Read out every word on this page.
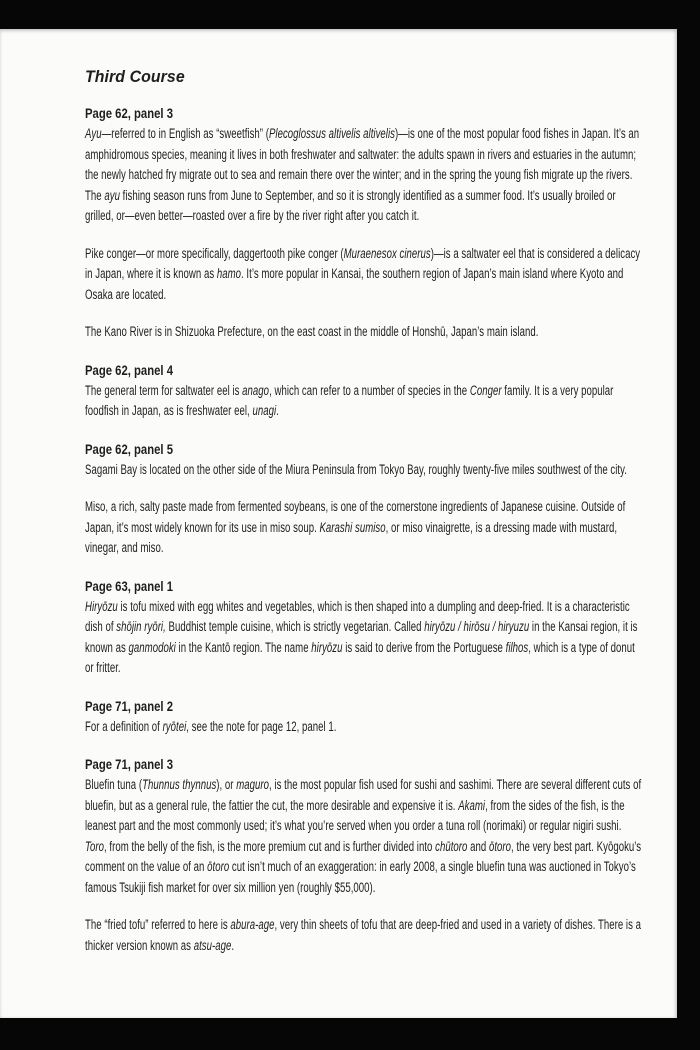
Third Course
Page 62, panel 3

Ayu—referred to in English as “sweetfish” (Plecoglossus altivelis altivelis)—is one of the most popular food fishes in Japan. It’s an amphidromous species, meaning it lives in both freshwater and saltwater: the adults spawn in rivers and estuaries in the autumn; the newly hatched fry migrate out to sea and remain there over the winter; and in the spring the young fish migrate up the rivers. The ayu fishing season runs from June to September, and so it is strongly identified as a summer food. It’s usually broiled or grilled, or—even better—roasted over a fire by the river right after you catch it.

Pike conger—or more specifically, daggertooth pike conger (Muraenesox cinerus)—is a saltwater eel that is considered a delicacy in Japan, where it is known as hamo. It’s more popular in Kansai, the southern region of Japan’s main island where Kyoto and Osaka are located.

The Kano River is in Shizuoka Prefecture, on the east coast in the middle of Honshū, Japan’s main island.

Page 62, panel 4

The general term for saltwater eel is anago, which can refer to a number of species in the Conger family. It is a very popular foodfish in Japan, as is freshwater eel, unagi.

Page 62, panel 5

Sagami Bay is located on the other side of the Miura Peninsula from Tokyo Bay, roughly twenty-five miles southwest of the city.

Miso, a rich, salty paste made from fermented soybeans, is one of the cornerstone ingredients of Japanese cuisine. Outside of Japan, it’s most widely known for its use in miso soup. Karashi sumiso, or miso vinaigrette, is a dressing made with mustard, vinegar, and miso.

Page 63, panel 1

Hiryōzu is tofu mixed with egg whites and vegetables, which is then shaped into a dumpling and deep-fried. It is a characteristic dish of shōjin ryōri, Buddhist temple cuisine, which is strictly vegetarian. Called hiryōzu / hirōsu / hiryuzu in the Kansai region, it is known as ganmodoki in the Kantō region. The name hiryōzu is said to derive from the Portuguese filhos, which is a type of donut or fritter.

Page 71, panel 2

For a definition of ryōtei, see the note for page 12, panel 1.

Page 71, panel 3

Bluefin tuna (Thunnus thynnus), or maguro, is the most popular fish used for sushi and sashimi. There are several different cuts of bluefin, but as a general rule, the fattier the cut, the more desirable and expensive it is. Akami, from the sides of the fish, is the leanest part and the most commonly used; it’s what you’re served when you order a tuna roll (norimaki) or regular nigiri sushi. Toro, from the belly of the fish, is the more premium cut and is further divided into chūtoro and ōtoro, the very best part. Kyōgoku’s comment on the value of an ōtoro cut isn’t much of an exaggeration: in early 2008, a single bluefin tuna was auctioned in Tokyo’s famous Tsukiji fish market for over six million yen (roughly $55,000).

The “fried tofu” referred to here is abura-age, very thin sheets of tofu that are deep-fried and used in a variety of dishes. There is a thicker version known as atsu-age.
